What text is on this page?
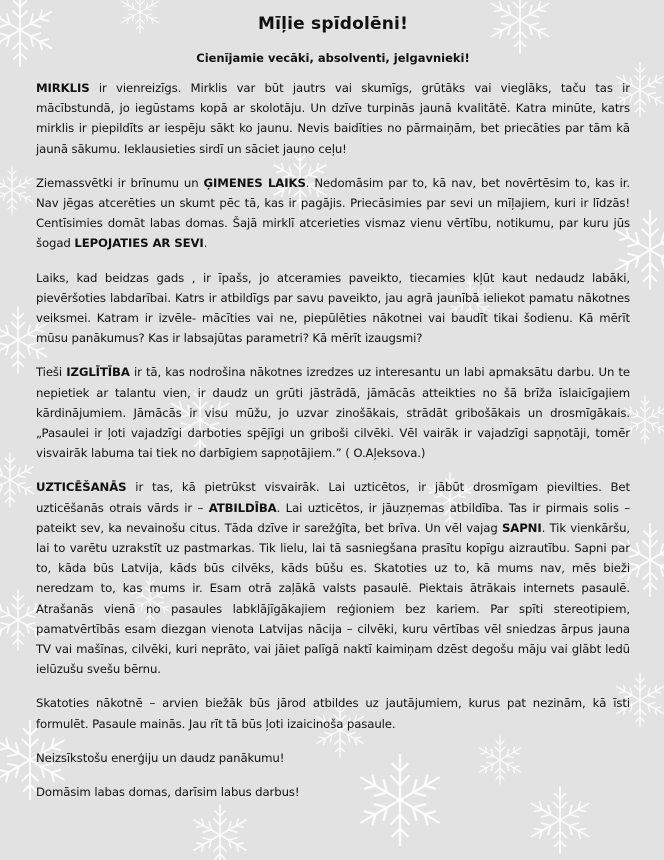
Mīļie spīdolēni!
Cienījamie vecāki, absolventi, jelgavnieki!

MIRKLIS ir vienreizīgs. Mirklis var būt jautrs vai skumīgs, grūtāks vai vieglāks, taču tas ir mācībstundā, jo iegūstams kopā ar skolotāju. Un dzīve turpinās jaunā kvalitātē. Katra minūte, katrs mirklis ir piepildīts ar iespēju sākt ko jaunu. Nevis baidīties no pārmaiņām, bet priecāties par tām kā jaunā sākumu. Ieklausieties sirdī un sāciet jauno ceļu!

Ziemassvētki ir brīnumu un ĢIMENES LAIKS. Nedomāsim par to, kā nav, bet novērtēsim to, kas ir. Nav jēgas atcerēties un skumt pēc tā, kas ir pagājis. Priecāsimies par sevi un mīļajiem, kuri ir līdzās! Centīsimies domāt labas domas. Šajā mirklī atcerieties vismaz vienu vērtību, notikumu, par kuru jūs šogad LEPOJATIES AR SEVI.

Laiks, kad beidzas gads , ir īpašs, jo atceramies paveikto, tiecamies kļūt kaut nedaudz labāki, pievēršoties labdarībai. Katrs ir atbildīgs par savu paveikto, jau agrā jaunībā ieliekot pamatu nākotnes veiksmei. Katram ir izvēle- mācīties vai ne, piepūlēties nākotnei vai baudīt tikai šodienu. Kā mērīt mūsu panākumus? Kas ir labsajūtas parametri? Kā mērīt izaugsmi?

Tieši IZGLĪTĪBA ir tā, kas nodrošina nākotnes izredzes uz interesantu un labi apmaksātu darbu. Un te nepietiek ar talantu vien, ir daudz un grūti jāstrādā, jāmācās atteikties no šā brīža īslaicīgajiem kārdinājumiem. Jāmācās ir visu mūžu, jo uzvar zinošākais, strādāt gribošākais un drosmīgākais. „Pasaulei ir ļoti vajadzīgi darboties spējīgi un griboši cilvēki. Vēl vairāk ir vajadzīgi sapņotāji, tomēr visvairāk labuma tai tiek no darbīgiem sapņotājiem.” ( O.Aļeksova.)

UZTICĒŠANĀS ir tas, kā pietrūkst visvairāk. Lai uzticētos, ir jābūt drosmīgam pievilties. Bet uzticēšanās otrais vārds ir – ATBILDĪBA. Lai uzticētos, ir jāuzņemas atbildība. Tas ir pirmais solis – pateikt sev, ka nevainošu citus. Tāda dzīve ir sarežģīta, bet brīva. Un vēl vajag SAPNI. Tik vienkāršu, lai to varētu uzrakstīt uz pastmarkas. Tik lielu, lai tā sasniegšana prasītu kopīgu aizrautību. Sapni par to, kāda būs Latvija, kāds būs cilvēks, kāds būšu es. Skatoties uz to, kā mums nav, mēs bieži neredzam to, kas mums ir. Esam otrā zaļākā valsts pasaulē. Piektais ātrākais internets pasaulē. Atrašanās vienā no pasaules labklājīgākajiem reģioniem bez kariem. Par spīti stereotipiem, pamatvērtībās esam diezgan vienota Latvijas nācija – cilvēki, kuru vērtības vēl sniedzas ārpus jauna TV vai mašīnas, cilvēki, kuri neprāto, vai jāiet palīgā naktī kaimiņam dzēst degošu māju vai glābt ledū ielūzušu svešu bērnu.

Skatoties nākotnē – arvien biežāk būs jārod atbildes uz jautājumiem, kurus pat nezinām, kā īsti formulēt. Pasaule mainās. Jau rīt tā būs ļoti izaicinoša pasaule.

Neizsīkstošu enerģiju un daudz panākumu!

Domāsim labas domas, darīsim labus darbus!
